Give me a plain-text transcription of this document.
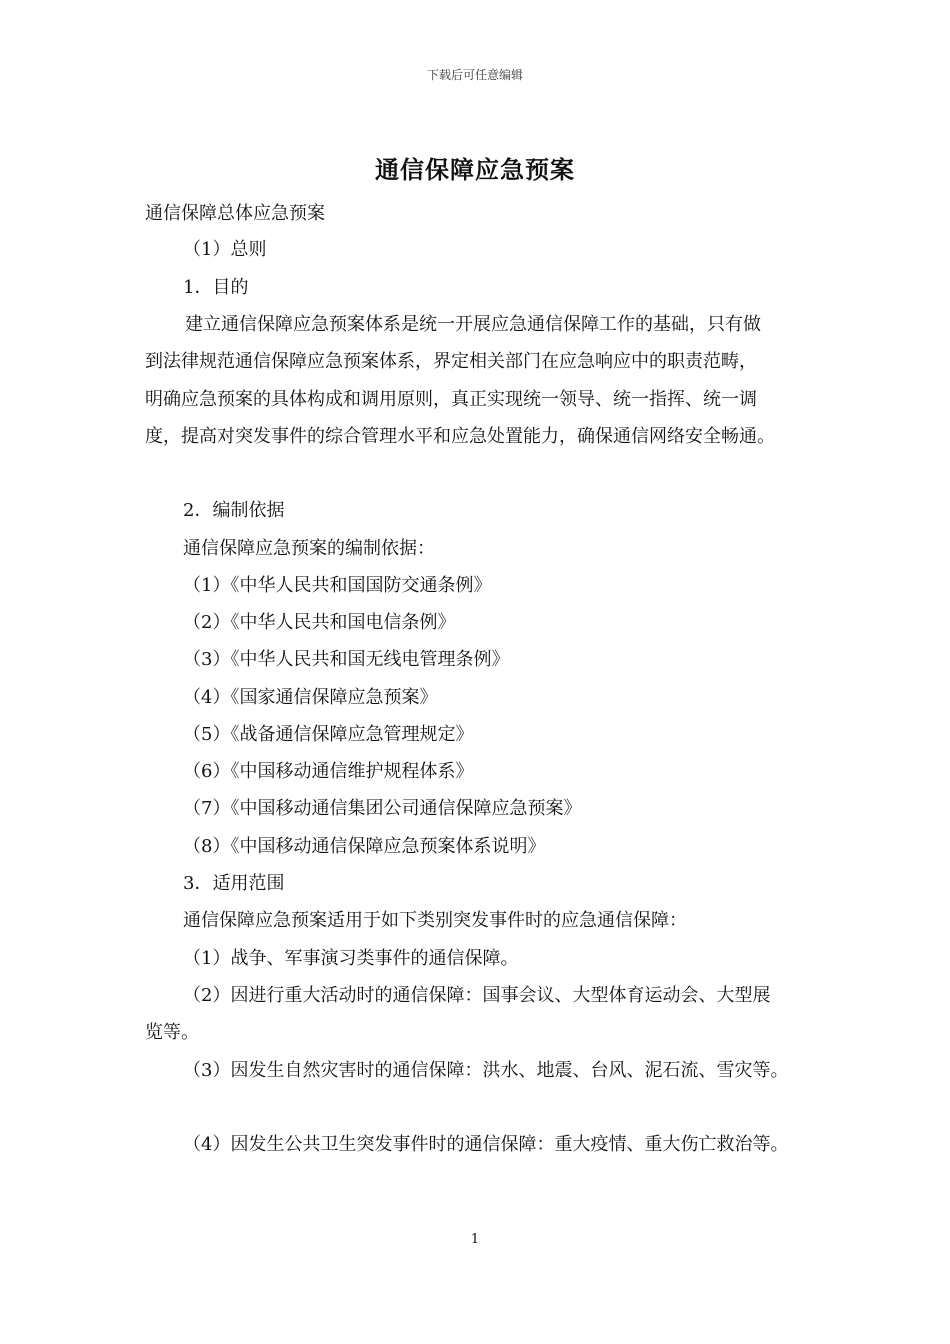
下载后可任意编辑
通信保障应急预案
通信保障总体应急预案
（1）总则
1．目的
建立通信保障应急预案体系是统一开展应急通信保障工作的基础，只有做
到法律规范通信保障应急预案体系，界定相关部门在应急响应中的职责范畴，
明确应急预案的具体构成和调用原则，真正实现统一领导、统一指挥、统一调
度，提高对突发事件的综合管理水平和应急处置能力，确保通信网络安全畅通。
2．编制依据
通信保障应急预案的编制依据：
（1）《中华人民共和国国防交通条例》
（2）《中华人民共和国电信条例》
（3）《中华人民共和国无线电管理条例》
（4）《国家通信保障应急预案》
（5）《战备通信保障应急管理规定》
（6）《中国移动通信维护规程体系》
（7）《中国移动通信集团公司通信保障应急预案》
（8）《中国移动通信保障应急预案体系说明》
3．适用范围
通信保障应急预案适用于如下类别突发事件时的应急通信保障：
（1）战争、军事演习类事件的通信保障。
（2）因进行重大活动时的通信保障：国事会议、大型体育运动会、大型展
览等。
（3）因发生自然灾害时的通信保障：洪水、地震、台风、泥石流、雪灾等。
（4）因发生公共卫生突发事件时的通信保障：重大疫情、重大伤亡救治等。
1
